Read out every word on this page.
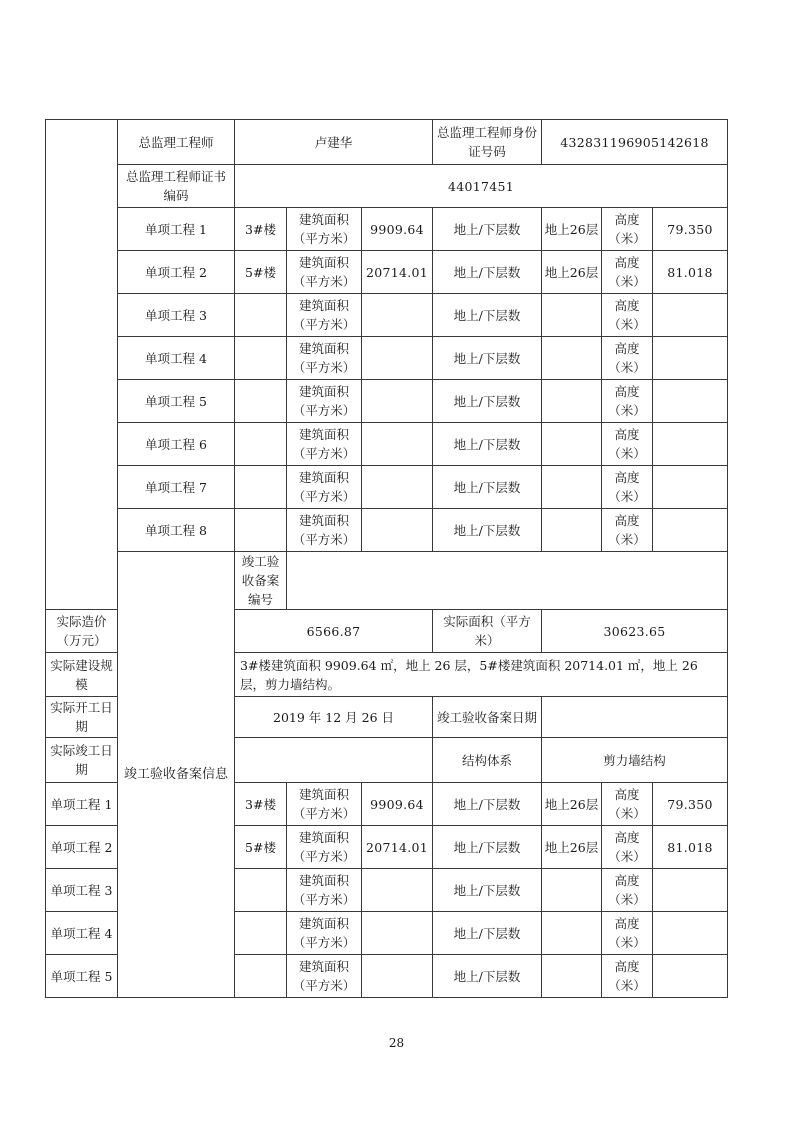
	总监理工程师	卢建华			总监理工程师身份证号码	432831196905142618		
	总监理工程师证书编码	44017451						
	单项工程 1	3#楼	建筑面积（平方米）	9909.64	地上/下层数	地上26层	高度（米）	79.350
	单项工程 2	5#楼	建筑面积（平方米）	20714.01	地上/下层数	地上26层	高度（米）	81.018
	单项工程 3		建筑面积（平方米）		地上/下层数		高度（米）	
	单项工程 4		建筑面积（平方米）		地上/下层数		高度（米）	
	单项工程 5		建筑面积（平方米）		地上/下层数		高度（米）	
	单项工程 6		建筑面积（平方米）		地上/下层数		高度（米）	
	单项工程 7		建筑面积（平方米）		地上/下层数		高度（米）	
	单项工程 8		建筑面积（平方米）		地上/下层数		高度（米）	
	竣工验收备案信息	竣工验收备案编号						
实际造价（万元）		6566.87			实际面积（平方米）	30623.65		
实际建设规模		3#楼建筑面积 9909.64 ㎡，地上 26 层，5#楼建筑面积 20714.01 ㎡，地上 26 层，剪力墙结构。						
实际开工日期		2019 年 12 月 26 日			竣工验收备案日期			
实际竣工日期					结构体系	剪力墙结构		
单项工程 1		3#楼	建筑面积（平方米）	9909.64	地上/下层数	地上26层	高度（米）	79.350
单项工程 2		5#楼	建筑面积（平方米）	20714.01	地上/下层数	地上26层	高度（米）	81.018
单项工程 3			建筑面积（平方米）		地上/下层数		高度（米）	
单项工程 4			建筑面积（平方米）		地上/下层数		高度（米）	
单项工程 5			建筑面积（平方米）		地上/下层数		高度（米）	
28
